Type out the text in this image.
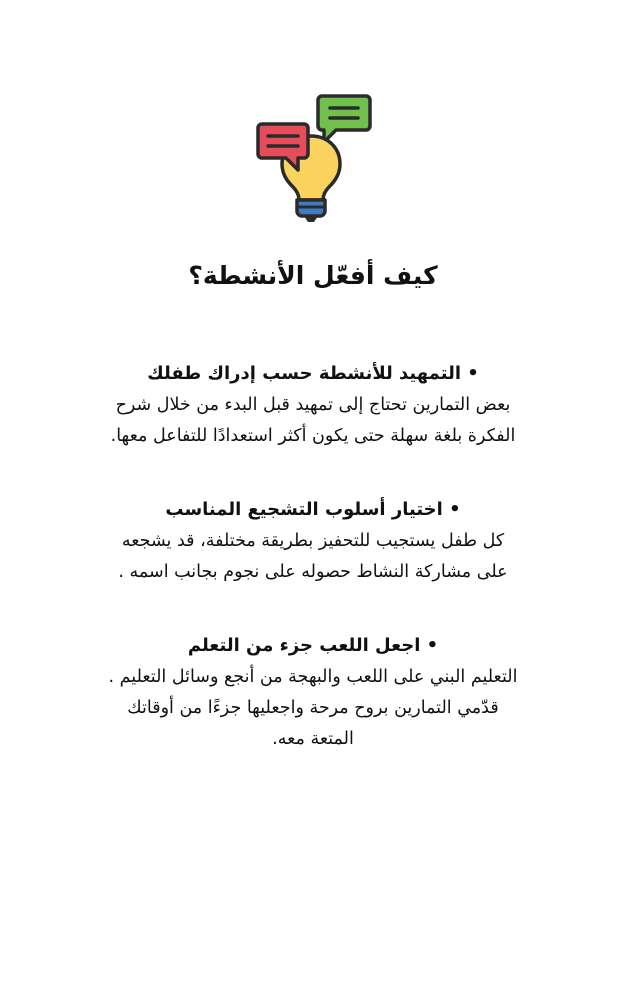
كيف أفعّل الأنشطة؟

• التمهيد للأنشطة حسب إدراك طفلك

بعض التمارين تحتاج إلى تمهيد قبل البدء من خلال شرح
الفكرة بلغة سهلة حتى يكون أكثر استعدادًا للتفاعل معها.

• اختيار أسلوب التشجيع المناسب

كل طفل يستجيب للتحفيز بطريقة مختلفة، قد يشجعه
على مشاركة النشاط حصوله على نجوم بجانب اسمه .

• اجعل اللعب جزء من التعلم

التعليم البني على اللعب والبهجة من أنجع وسائل التعليم .
قدّمي التمارين بروح مرحة واجعليها جزءًا من أوقاتك
المتعة معه.
